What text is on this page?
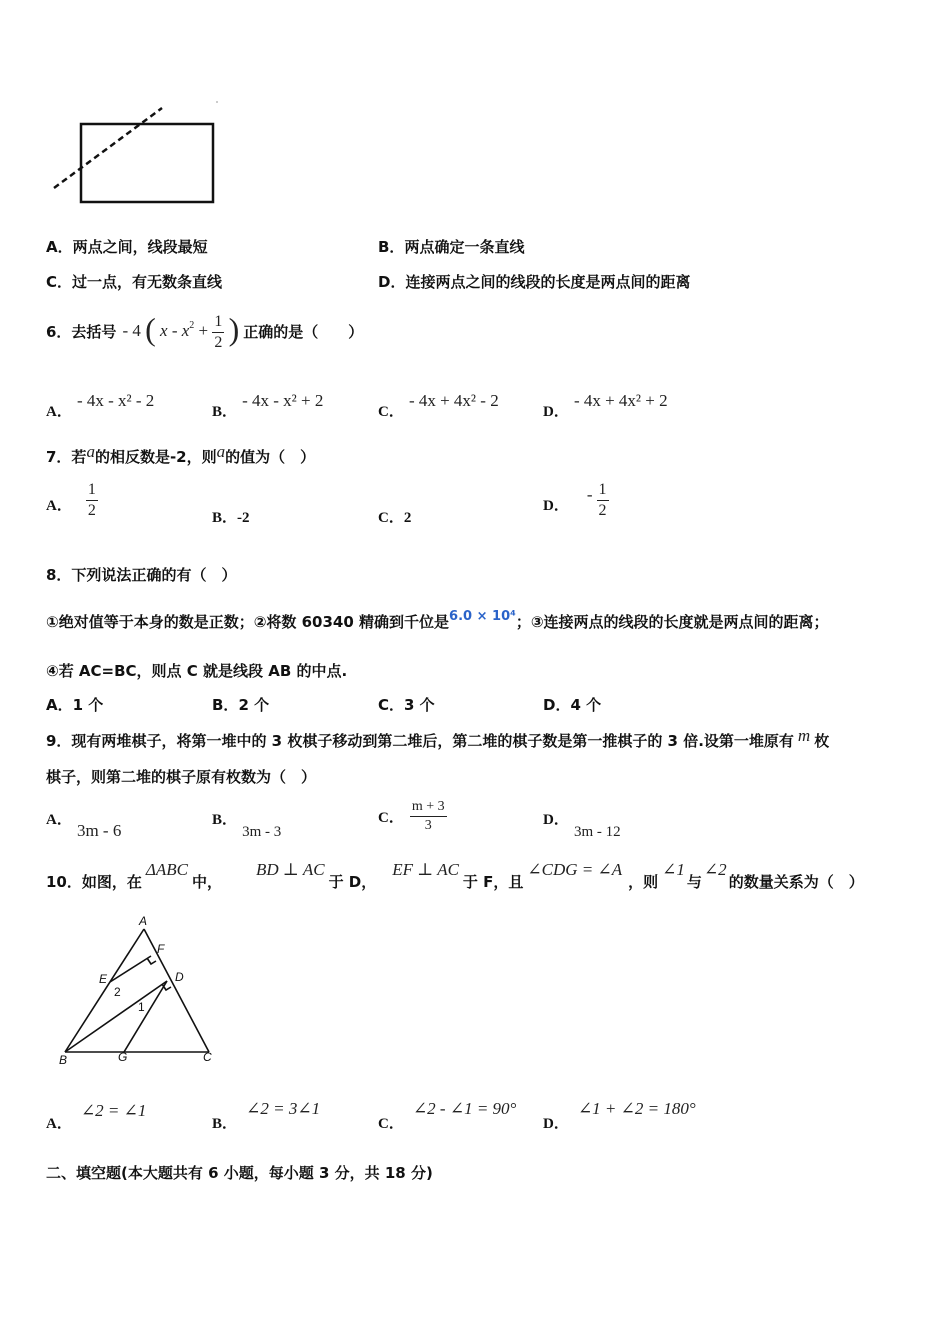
A．两点之间，线段最短	B．两点确定一条直线
C．过一点，有无数条直线	D．连接两点之间的线段的长度是两点间的距离
6．去括号 - 4 ( $x - x^2 + \frac{1}{2}$ ) 正确的是（　　）
A． - 4x - x² - 2
B． - 4x - x² + 2
C． - 4x + 4x² - 2
D． - 4x + 4x² + 2
7．若a的相反数是-2，则a的值为（　）
A． $\frac{1}{2}$	B．-2	C．2
D．
- $\frac{1}{2}$
8．下列说法正确的有（　）
①绝对值等于本身的数是正数；②将数 60340 精确到千位是6.0 × 10⁴；③连接两点的线段的长度就是两点间的距离；
④若 AC=BC，则点 C 就是线段 AB 的中点.
A．1 个	B．2 个	C．3 个	D．4 个
9．现有两堆棋子，将第一堆中的 3 枚棋子移动到第二堆后，第二堆的棋子数是第一推棋子的 3 倍.设第一堆原有 m 枚
棋子，则第二堆的棋子原有枚数为（　）
A． 3m - 6
B． 3m - 3
C． $\frac{m + 3}{3}$	D． 3m - 12
10．如图，在
ΔABC
中，
BD ⊥ AC
于 D，
EF ⊥ AC
于 F，且
∠CDG = ∠A
，则
∠1
与
∠2
的数量关系为（　）
A
F
E	D
2
1
B	G	C
A． ∠2 = ∠1
B． ∠2 = 3∠1
C． ∠2 - ∠1 = 90°
D． ∠1 + ∠2 = 180°
二、填空题(本大题共有 6 小题，每小题 3 分，共 18 分)
